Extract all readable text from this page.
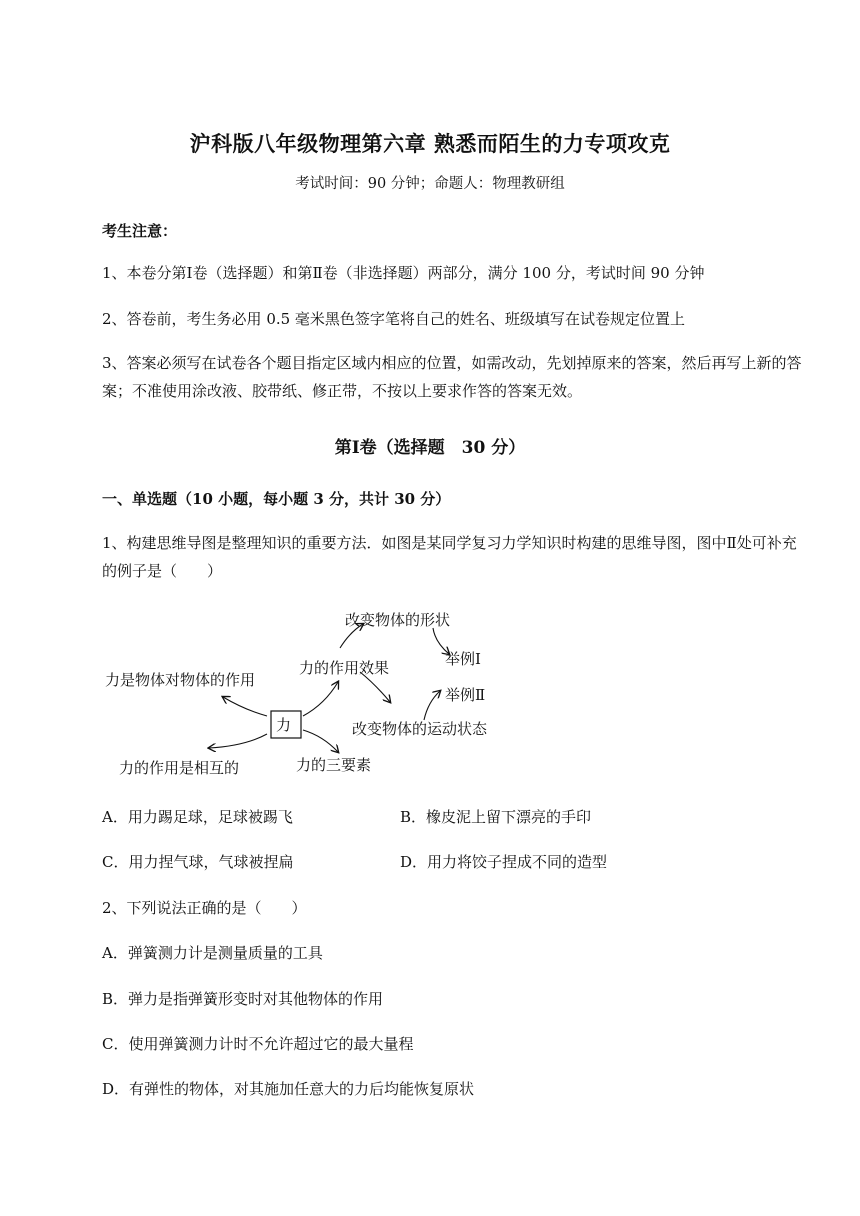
沪科版八年级物理第六章 熟悉而陌生的力专项攻克
考试时间：90 分钟；命题人：物理教研组
考生注意：
1、本卷分第Ⅰ卷（选择题）和第Ⅱ卷（非选择题）两部分，满分 100 分，考试时间 90 分钟
2、答卷前，考生务必用 0.5 毫米黑色签字笔将自己的姓名、班级填写在试卷规定位置上
3、答案必须写在试卷各个题目指定区域内相应的位置，如需改动，先划掉原来的答案，然后再写上新的答案；不准使用涂改液、胶带纸、修正带，不按以上要求作答的答案无效。
第Ⅰ卷（选择题　30 分）
一、单选题（10 小题，每小题 3 分，共计 30 分）
1、构建思维导图是整理知识的重要方法．如图是某同学复习力学知识时构建的思维导图，图中Ⅱ处可补充的例子是（　　）
力
改变物体的形状
力的作用效果	举例Ⅰ
举例Ⅱ
力是物体对物体的作用
改变物体的运动状态
力的作用是相互的	力的三要素
A．用力踢足球，足球被踢飞	B．橡皮泥上留下漂亮的手印
C．用力捏气球，气球被捏扁	D．用力将饺子捏成不同的造型
2、下列说法正确的是（　　）
A．弹簧测力计是测量质量的工具
B．弹力是指弹簧形变时对其他物体的作用
C．使用弹簧测力计时不允许超过它的最大量程
D．有弹性的物体，对其施加任意大的力后均能恢复原状
